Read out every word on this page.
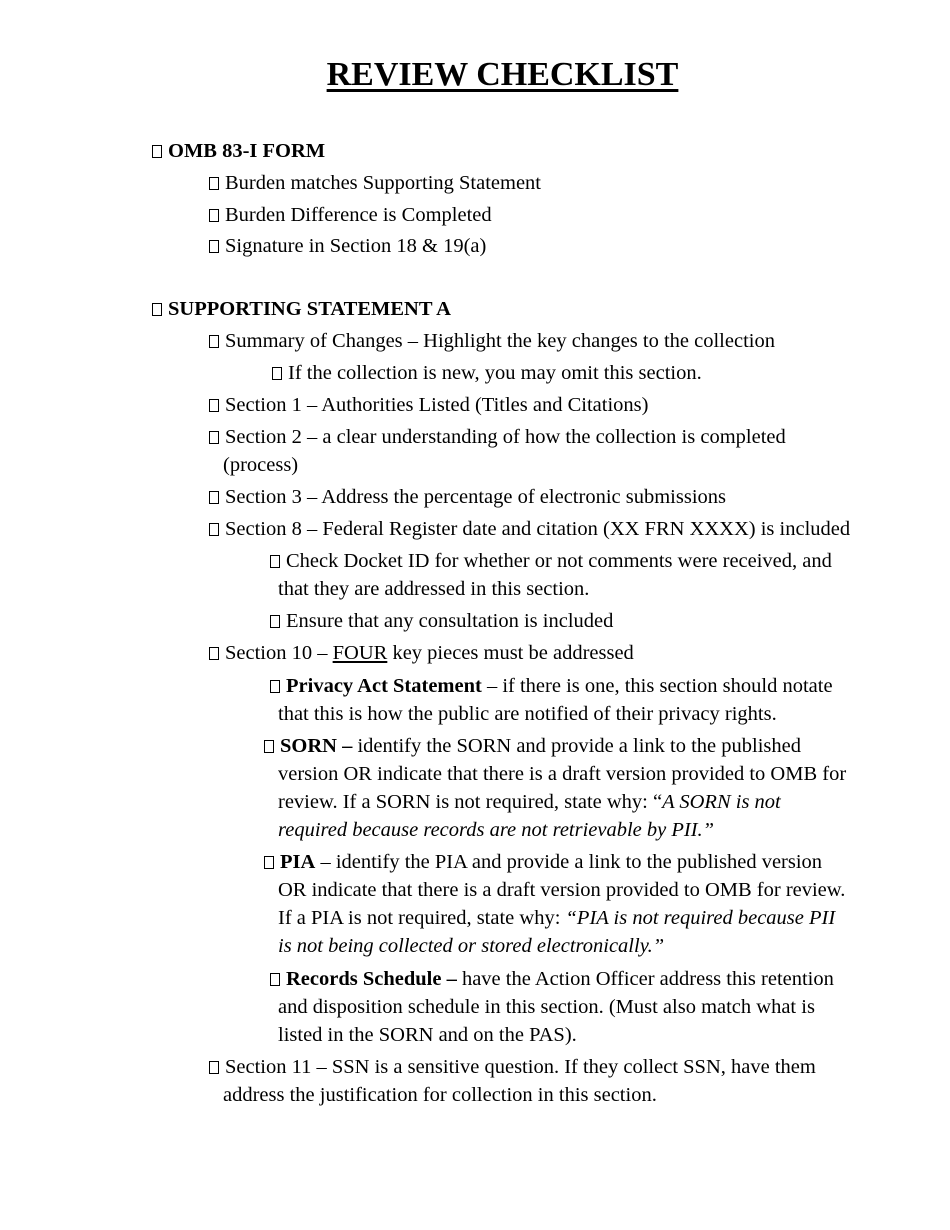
REVIEW CHECKLIST
OMB 83-I FORM
Burden matches Supporting Statement
Burden Difference is Completed
Signature in Section 18 & 19(a)
SUPPORTING STATEMENT A
Summary of Changes – Highlight the key changes to the collection
If the collection is new, you may omit this section.
Section 1 – Authorities Listed (Titles and Citations)
Section 2 – a clear understanding of how the collection is completed
(process)
Section 3 – Address the percentage of electronic submissions
Section 8 – Federal Register date and citation (XX FRN XXXX) is included
Check Docket ID for whether or not comments were received, and
that they are addressed in this section.
Ensure that any consultation is included
Section 10 – FOUR key pieces must be addressed
Privacy Act Statement – if there is one, this section should notate
that this is how the public are notified of their privacy rights.
SORN – identify the SORN and provide a link to the published
version OR indicate that there is a draft version provided to OMB for
review. If a SORN is not required, state why: “A SORN is not
required because records are not retrievable by PII.”
PIA – identify the PIA and provide a link to the published version
OR indicate that there is a draft version provided to OMB for review.
If a PIA is not required, state why: “PIA is not required because PII
is not being collected or stored electronically.”
Records Schedule – have the Action Officer address this retention
and disposition schedule in this section. (Must also match what is
listed in the SORN and on the PAS).
Section 11 – SSN is a sensitive question. If they collect SSN, have them
address the justification for collection in this section.
